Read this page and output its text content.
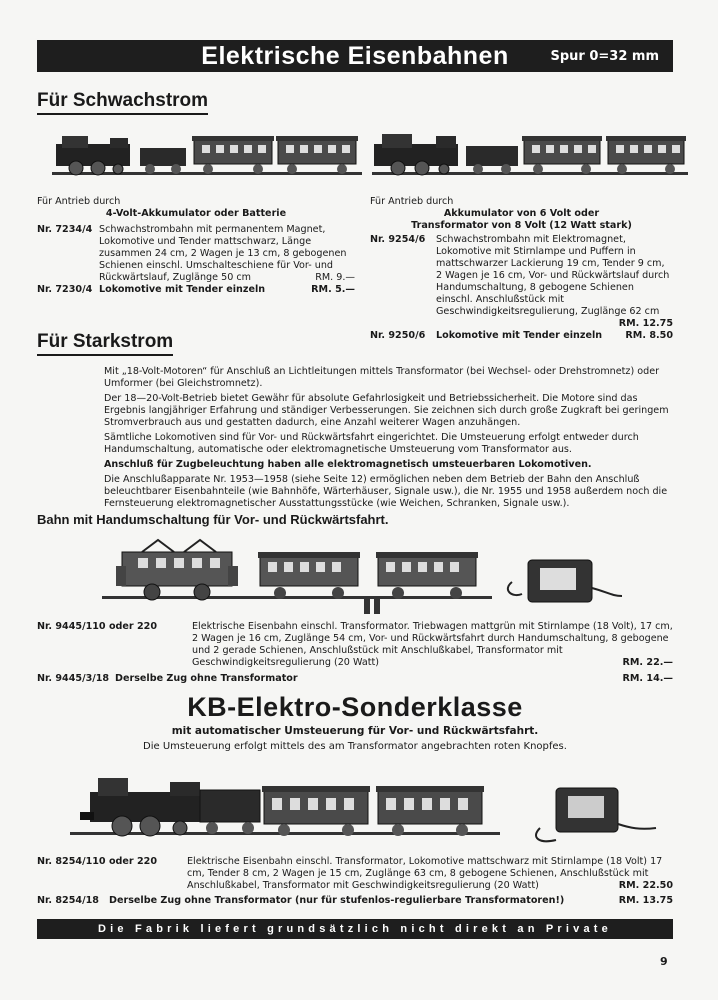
Elektrische Eisenbahnen	Spur 0=32 mm
Für Schwachstrom
Für Antrieb durch
4-Volt-Akkumulator oder Batterie
Nr. 7234/4 Schwachstrombahn mit permanentem Magnet, Lokomotive und Tender mattschwarz, Länge zusammen 24 cm, 2 Wagen je 13 cm, 8 gebogenen Schienen einschl. Umschalteschiene für Vor- und Rückwärtslauf, Zuglänge 50 cm	RM. 9.—
Nr. 7230/4 Lokomotive mit Tender einzeln	RM. 5.—
Für Antrieb durch
Akkumulator von 6 Volt oder
Transformator von 8 Volt (12 Watt stark)
Nr. 9254/6	Schwachstrombahn mit Elektromagnet, Lokomotive mit Stirnlampe und Puffern in mattschwarzer Lackierung 19 cm, Tender 9 cm, 2 Wagen je 16 cm, Vor- und Rückwärtslauf durch Handumschaltung, 8 gebogene Schienen einschl. Anschlußstück mit Geschwindigkeitsregulierung, Zuglänge 62 cm
RM. 12.75
Nr. 9250/6	Lokomotive mit Tender einzeln	RM. 8.50
Für Starkstrom

Mit „18-Volt-Motoren“ für Anschluß an Lichtleitungen mittels Transformator (bei Wechsel- oder Drehstromnetz) oder Umformer (bei Gleichstromnetz).

Der 18—20-Volt-Betrieb bietet Gewähr für absolute Gefahrlosigkeit und Betriebssicherheit. Die Motore sind das Ergebnis langjähriger Erfahrung und ständiger Verbesserungen. Sie zeichnen sich durch große Zugkraft bei geringem Stromverbrauch aus und gestatten dadurch, eine Anzahl weiterer Wagen anzuhängen.

Sämtliche Lokomotiven sind für Vor- und Rückwärtsfahrt eingerichtet. Die Umsteuerung erfolgt entweder durch Handumschaltung, automatische oder elektromagnetische Umsteuerung vom Transformator aus.

Anschluß für Zugbeleuchtung haben alle elektromagnetisch umsteuerbaren Lokomotiven.

Die Anschlußapparate Nr. 1953—1958 (siehe Seite 12) ermöglichen neben dem Betrieb der Bahn den Anschluß beleuchtbarer Eisenbahnteile (wie Bahnhöfe, Wärterhäuser, Signale usw.), die Nr. 1955 und 1958 außerdem noch die Fernsteuerung elektromagnetischer Ausstattungsstücke (wie Weichen, Schranken, Signale usw.).

Bahn mit Handumschaltung für Vor- und Rückwärtsfahrt.
Nr. 9445/110 oder 220	Elektrische Eisenbahn einschl. Transformator. Triebwagen mattgrün mit Stirnlampe (18 Volt), 17 cm, 2 Wagen je 16 cm, Zuglänge 54 cm, Vor- und Rückwärtsfahrt durch Handumschaltung, 8 gebogene und 2 gerade Schienen, Anschlußstück mit Anschlußkabel, Transformator mit Geschwindigkeitsregulierung (20 Watt)	RM. 22.—
Nr. 9445/3/18 Derselbe Zug ohne Transformator	RM. 14.—
KB-Elektro-Sonderklasse
mit automatischer Umsteuerung für Vor- und Rückwärtsfahrt.
Die Umsteuerung erfolgt mittels des am Transformator angebrachten roten Knopfes.
Nr. 8254/110 oder 220	Elektrische Eisenbahn einschl. Transformator, Lokomotive mattschwarz mit Stirnlampe (18 Volt) 17 cm, Tender 8 cm, 2 Wagen je 15 cm, Zuglänge 63 cm, 8 gebogene Schienen, Anschlußstück mit Anschlußkabel, Transformator mit Geschwindigkeitsregulierung (20 Watt)	RM. 22.50
Nr. 8254/18	Derselbe Zug ohne Transformator (nur für stufenlos-regulierbare Transformatoren!)	RM. 13.75
Die Fabrik liefert grundsätzlich nicht direkt an Private
9
